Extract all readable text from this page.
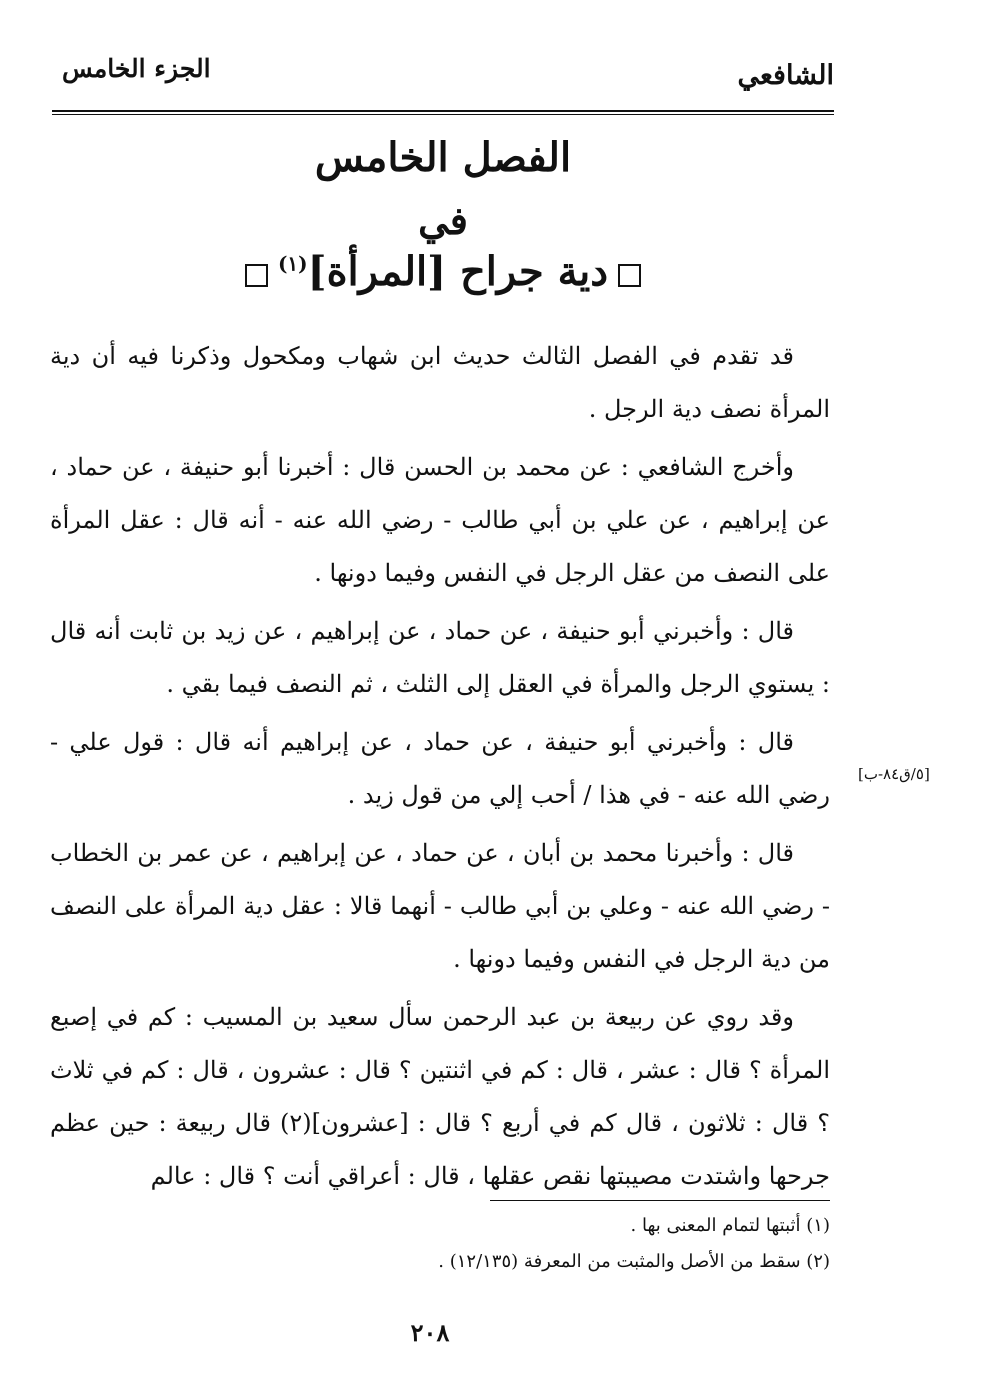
الشافعي
الجزء الخامس
الفصل الخامس
في
دية جراح [المرأة]$^{(١)}$

قد تقدم في الفصل الثالث حديث ابن شهاب ومكحول وذكرنا فيه أن دية المرأة نصف دية الرجل .

وأخرج الشافعي : عن محمد بن الحسن قال : أخبرنا أبو حنيفة ، عن حماد ، عن إبراهيم ، عن علي بن أبي طالب - رضي الله عنه - أنه قال : عقل المرأة على النصف من عقل الرجل في النفس وفيما دونها .

قال : وأخبرني أبو حنيفة ، عن حماد ، عن إبراهيم ، عن زيد بن ثابت أنه قال : يستوي الرجل والمرأة في العقل إلى الثلث ، ثم النصف فيما بقي .

قال : وأخبرني أبو حنيفة ، عن حماد ، عن إبراهيم أنه قال : قول علي - رضي الله عنه - في هذا / أحب إلي من قول زيد .

قال : وأخبرنا محمد بن أبان ، عن حماد ، عن إبراهيم ، عن عمر بن الخطاب - رضي الله عنه - وعلي بن أبي طالب - أنهما قالا : عقل دية المرأة على النصف من دية الرجل في النفس وفيما دونها .

وقد روي عن ربيعة بن عبد الرحمن سأل سعيد بن المسيب : كم في إصبع المرأة ؟ قال : عشر ، قال : كم في اثنتين ؟ قال : عشرون ، قال : كم في ثلاث ؟ قال : ثلاثون ، قال كم في أربع ؟ قال : [عشرون](٢) قال ربيعة : حين عظم جرحها واشتدت مصيبتها نقص عقلها ، قال : أعراقي أنت ؟ قال : عالم

[٥/ق٨٤-ب]
(١) أثبتها لتمام المعنى بها .
(٢) سقط من الأصل والمثبت من المعرفة (١٢/١٣٥) .
٢٠٨
